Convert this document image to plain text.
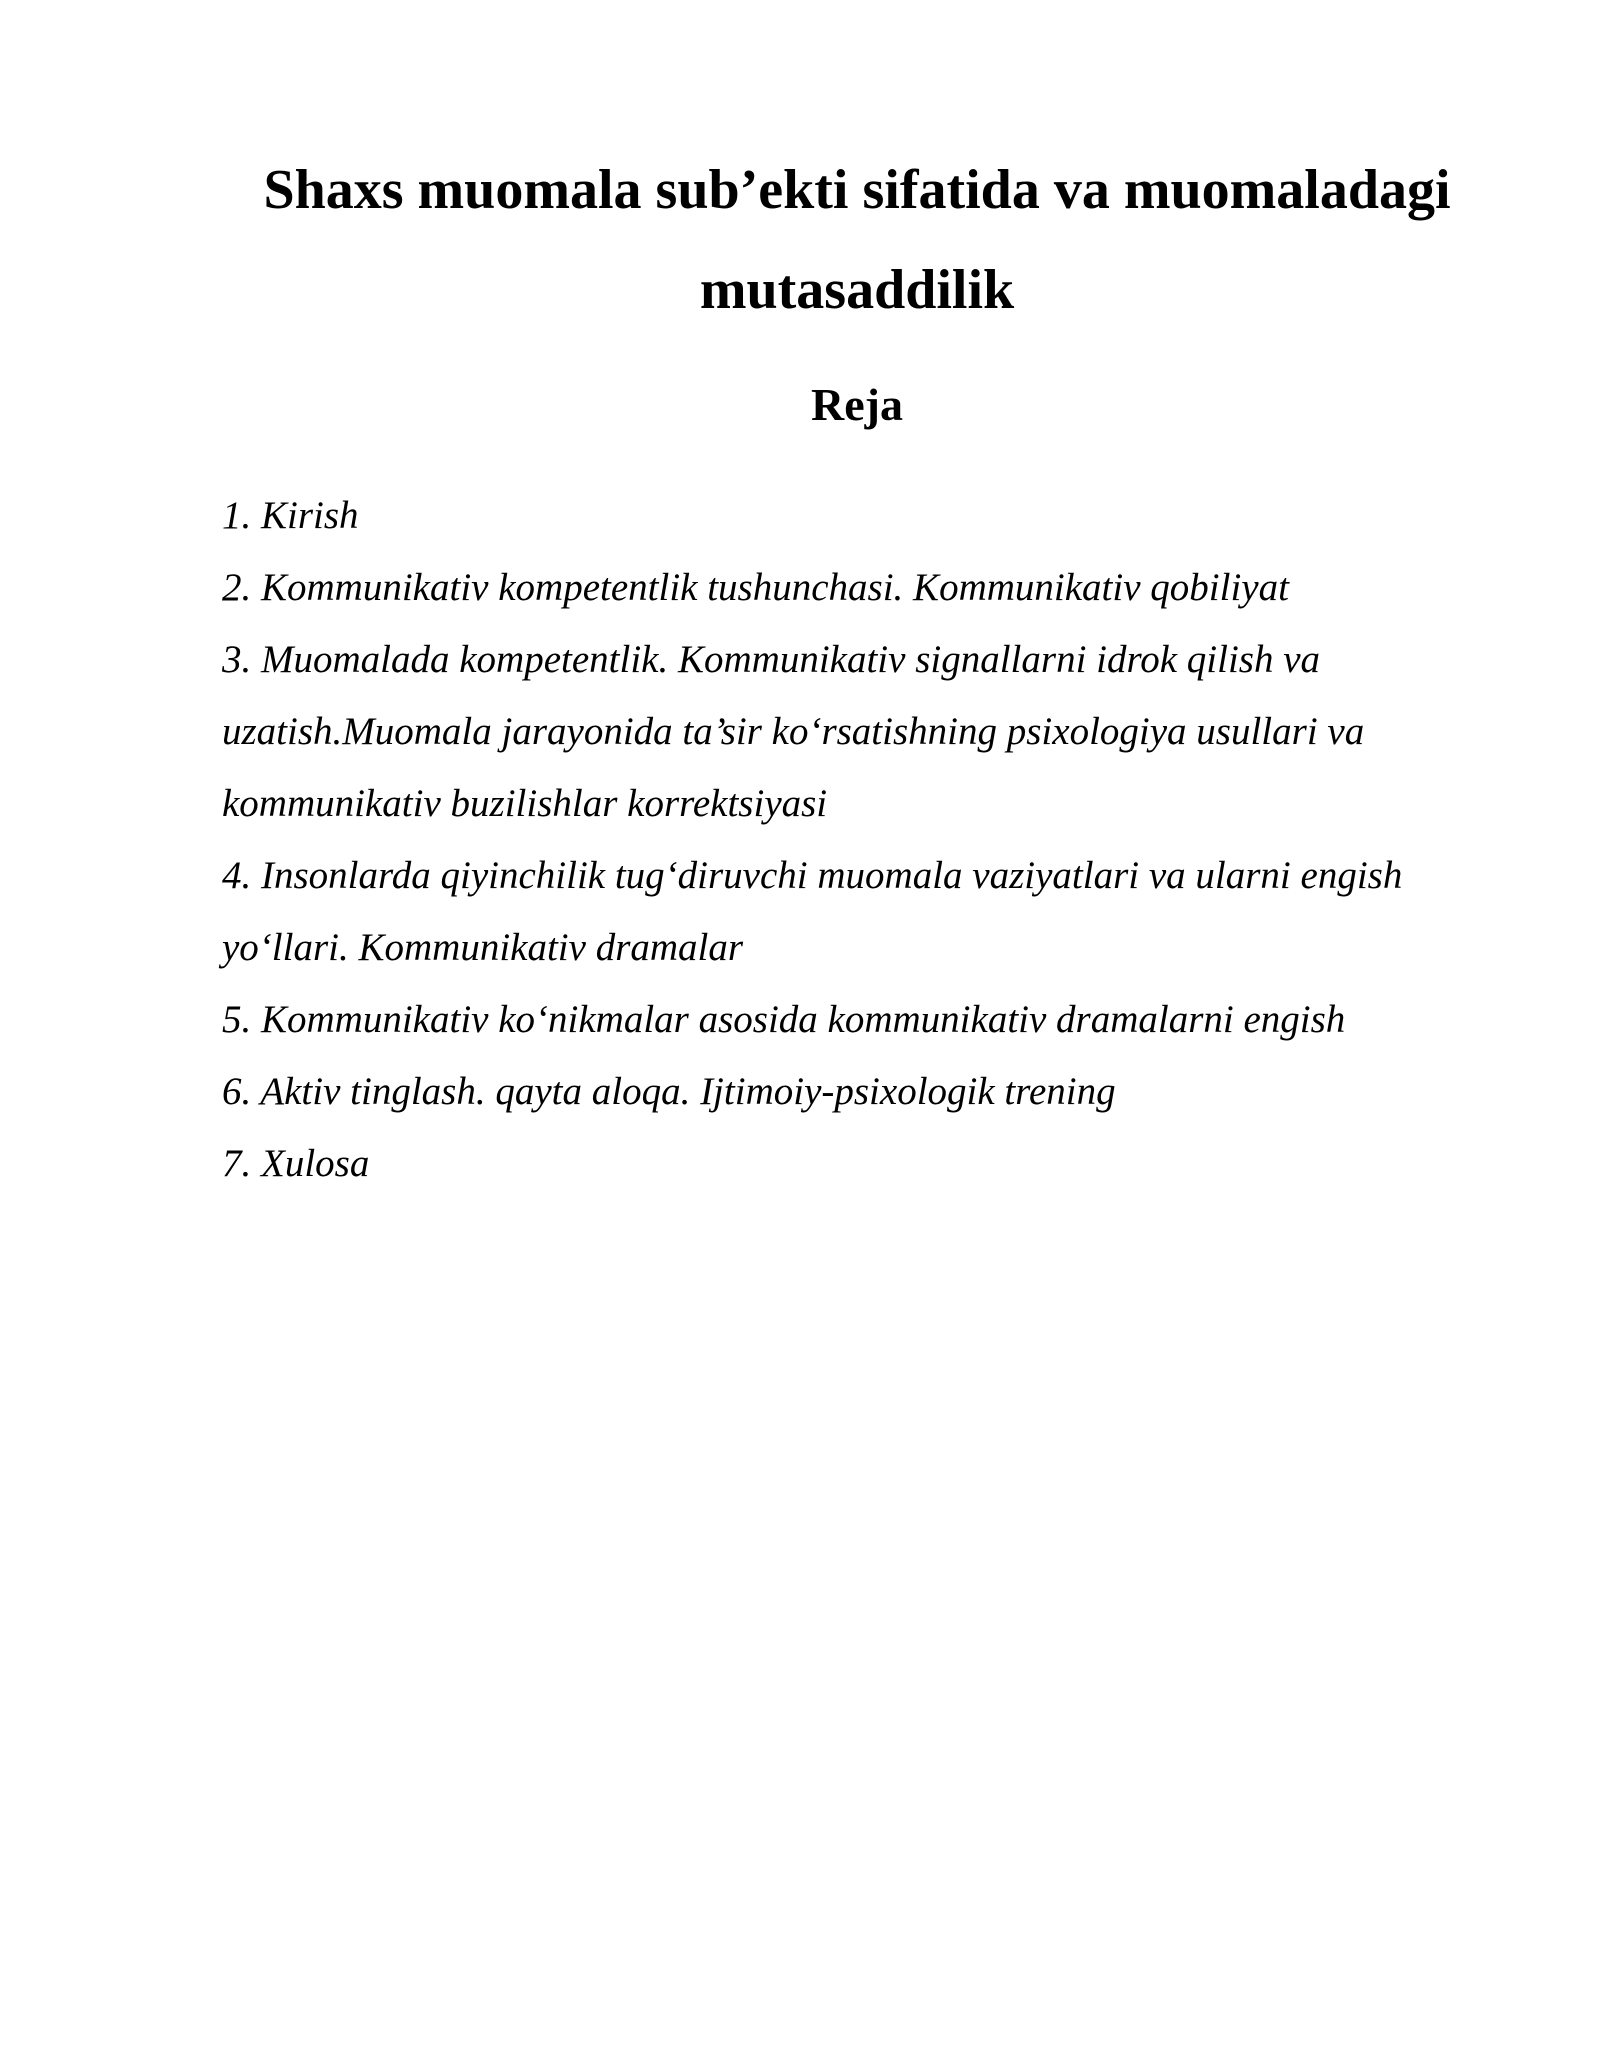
Shaxs muomala sub’ekti sifatida va muomaladagi mutasaddilik
Reja
1. Kirish
2. Kommunikativ kompetentlik tushunchasi. Kommunikativ qobiliyat
3. Muomalada kompetentlik. Kommunikativ signallarni idrok qilish va uzatish.Muomala jarayonida ta’sir ko‘rsatishning psixologiya usullari va kommunikativ buzilishlar korrektsiyasi
4. Insonlarda qiyinchilik tug‘diruvchi muomala vaziyatlari va ularni engish yo‘llari. Kommunikativ dramalar
5. Kommunikativ ko‘nikmalar asosida kommunikativ dramalarni engish
6. Aktiv tinglash. qayta aloqa. Ijtimoiy-psixologik trening
7. Xulosa
